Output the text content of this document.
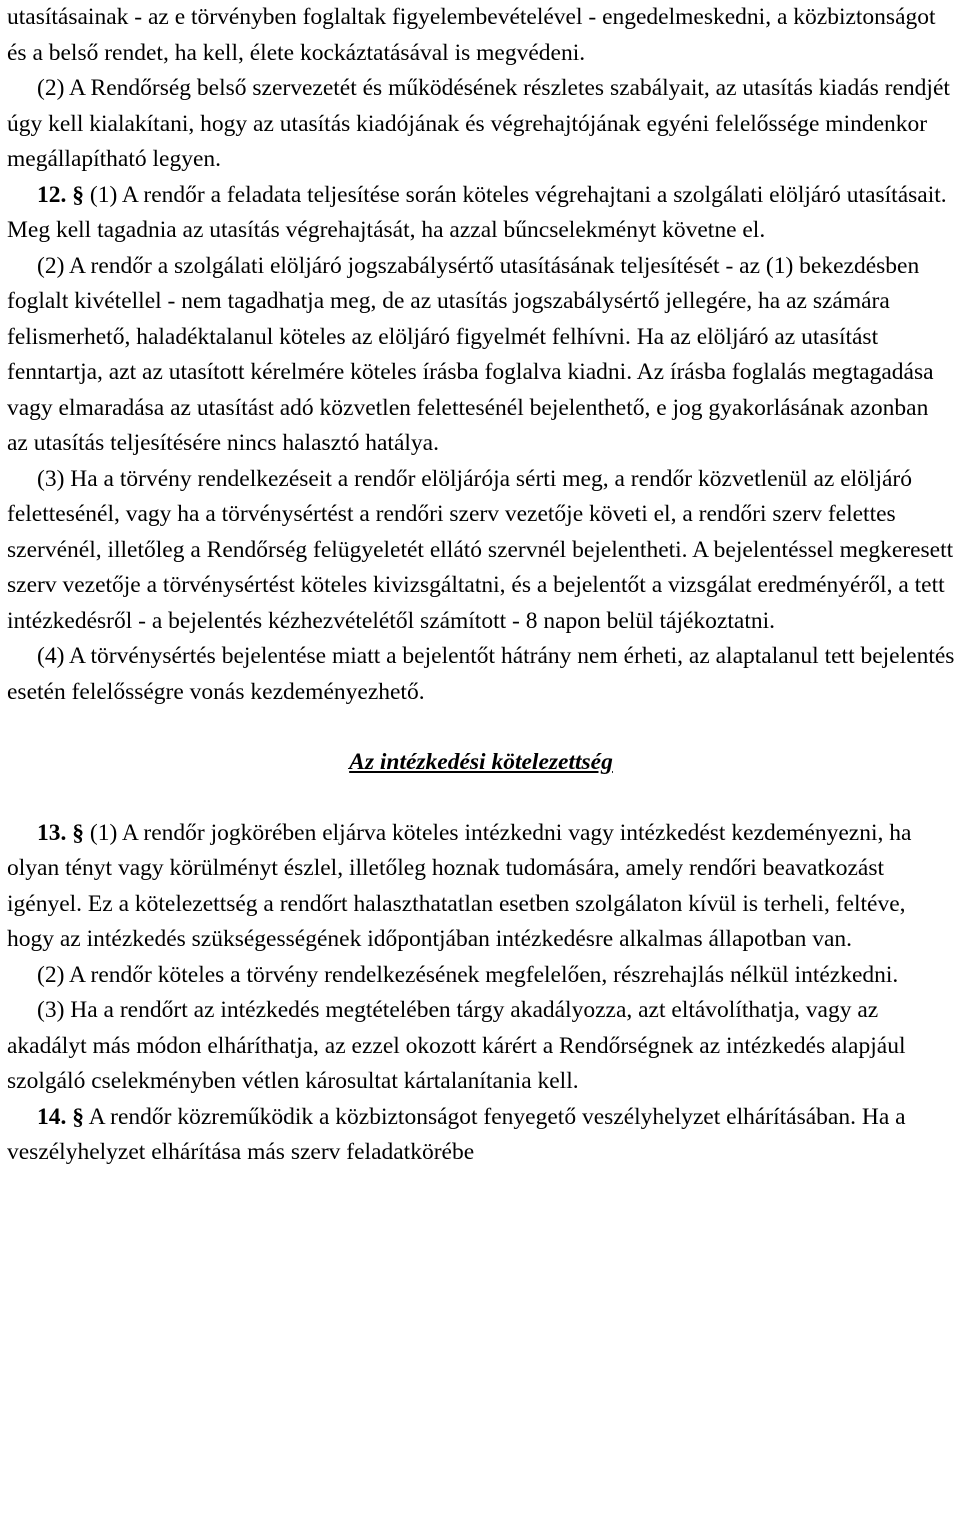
utasításainak - az e törvényben foglaltak figyelembevételével - engedelmeskedni, a közbiztonságot és a belső rendet, ha kell, élete kockáztatásával is megvédeni.

(2) A Rendőrség belső szervezetét és működésének részletes szabályait, az utasítás kiadás rendjét úgy kell kialakítani, hogy az utasítás kiadójának és végrehajtójának egyéni felelőssége mindenkor megállapítható legyen.

12. § (1) A rendőr a feladata teljesítése során köteles végrehajtani a szolgálati elöljáró utasításait. Meg kell tagadnia az utasítás végrehajtását, ha azzal bűncselekményt követne el.

(2) A rendőr a szolgálati elöljáró jogszabálysértő utasításának teljesítését - az (1) bekezdésben foglalt kivétellel - nem tagadhatja meg, de az utasítás jogszabálysértő jellegére, ha az számára felismerhető, haladéktalanul köteles az elöljáró figyelmét felhívni. Ha az elöljáró az utasítást fenntartja, azt az utasított kérelmére köteles írásba foglalva kiadni. Az írásba foglalás megtagadása vagy elmaradása az utasítást adó közvetlen felettesénél bejelenthető, e jog gyakorlásának azonban az utasítás teljesítésére nincs halasztó hatálya.

(3) Ha a törvény rendelkezéseit a rendőr elöljárója sérti meg, a rendőr közvetlenül az elöljáró felettesénél, vagy ha a törvénysértést a rendőri szerv vezetője követi el, a rendőri szerv felettes szervénél, illetőleg a Rendőrség felügyeletét ellátó szervnél bejelentheti. A bejelentéssel megkeresett szerv vezetője a törvénysértést köteles kivizsgáltatni, és a bejelentőt a vizsgálat eredményéről, a tett intézkedésről - a bejelentés kézhezvételétől számított - 8 napon belül tájékoztatni.

(4) A törvénysértés bejelentése miatt a bejelentőt hátrány nem érheti, az alaptalanul tett bejelentés esetén felelősségre vonás kezdeményezhető.

Az intézkedési kötelezettség

13. § (1) A rendőr jogkörében eljárva köteles intézkedni vagy intézkedést kezdeményezni, ha olyan tényt vagy körülményt észlel, illetőleg hoznak tudomására, amely rendőri beavatkozást igényel. Ez a kötelezettség a rendőrt halaszthatatlan esetben szolgálaton kívül is terheli, feltéve, hogy az intézkedés szükségességének időpontjában intézkedésre alkalmas állapotban van.

(2) A rendőr köteles a törvény rendelkezésének megfelelően, részrehajlás nélkül intézkedni.

(3) Ha a rendőrt az intézkedés megtételében tárgy akadályozza, azt eltávolíthatja, vagy az akadályt más módon elháríthatja, az ezzel okozott kárért a Rendőrségnek az intézkedés alapjául szolgáló cselekményben vétlen károsultat kártalanítania kell.

14. § A rendőr közreműködik a közbiztonságot fenyegető veszélyhelyzet elhárításában. Ha a veszélyhelyzet elhárítása más szerv feladatkörébe
